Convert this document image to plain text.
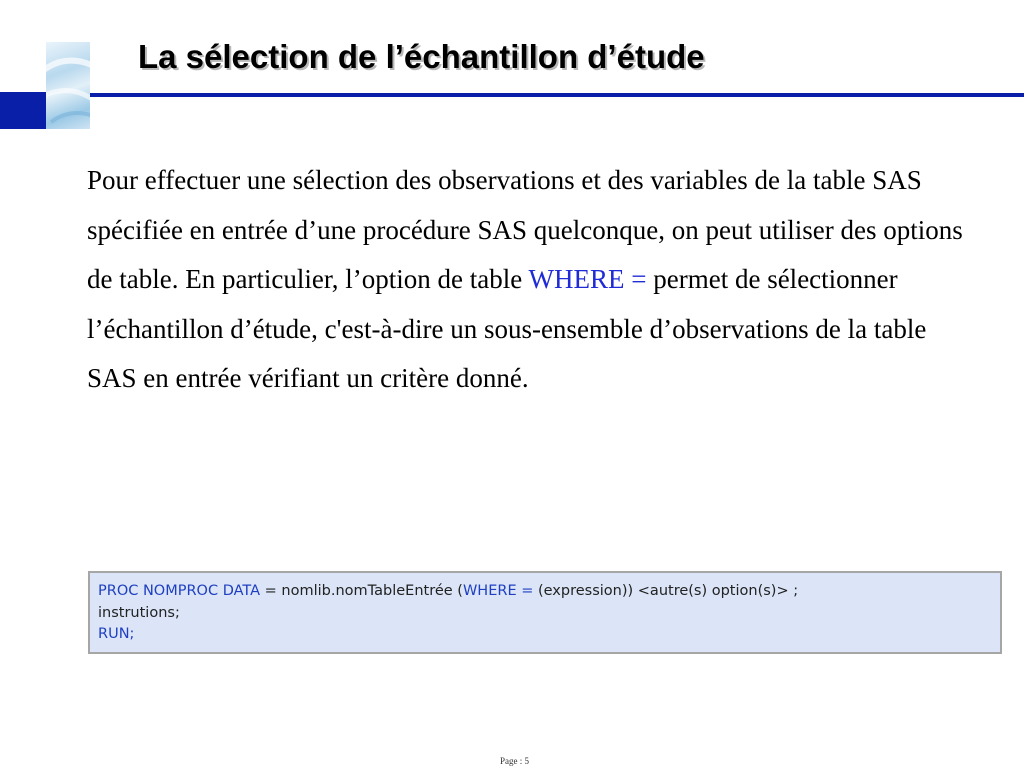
La sélection de l’échantillon d’étude

Pour effectuer une sélection des observations et des variables de la table SAS spécifiée en entrée d’une procédure SAS quelconque, on peut utiliser des options de table. En particulier, l’option de table WHERE = permet de sélectionner l’échantillon d’étude, c'est-à-dire un sous-ensemble d’observations de la table SAS en entrée vérifiant un critère donné.

PROC NOMPROC DATA = nomlib.nomTableEntrée (WHERE = (expression)) <autre(s) option(s)> ;
instrutions;
RUN;
Page : 5
